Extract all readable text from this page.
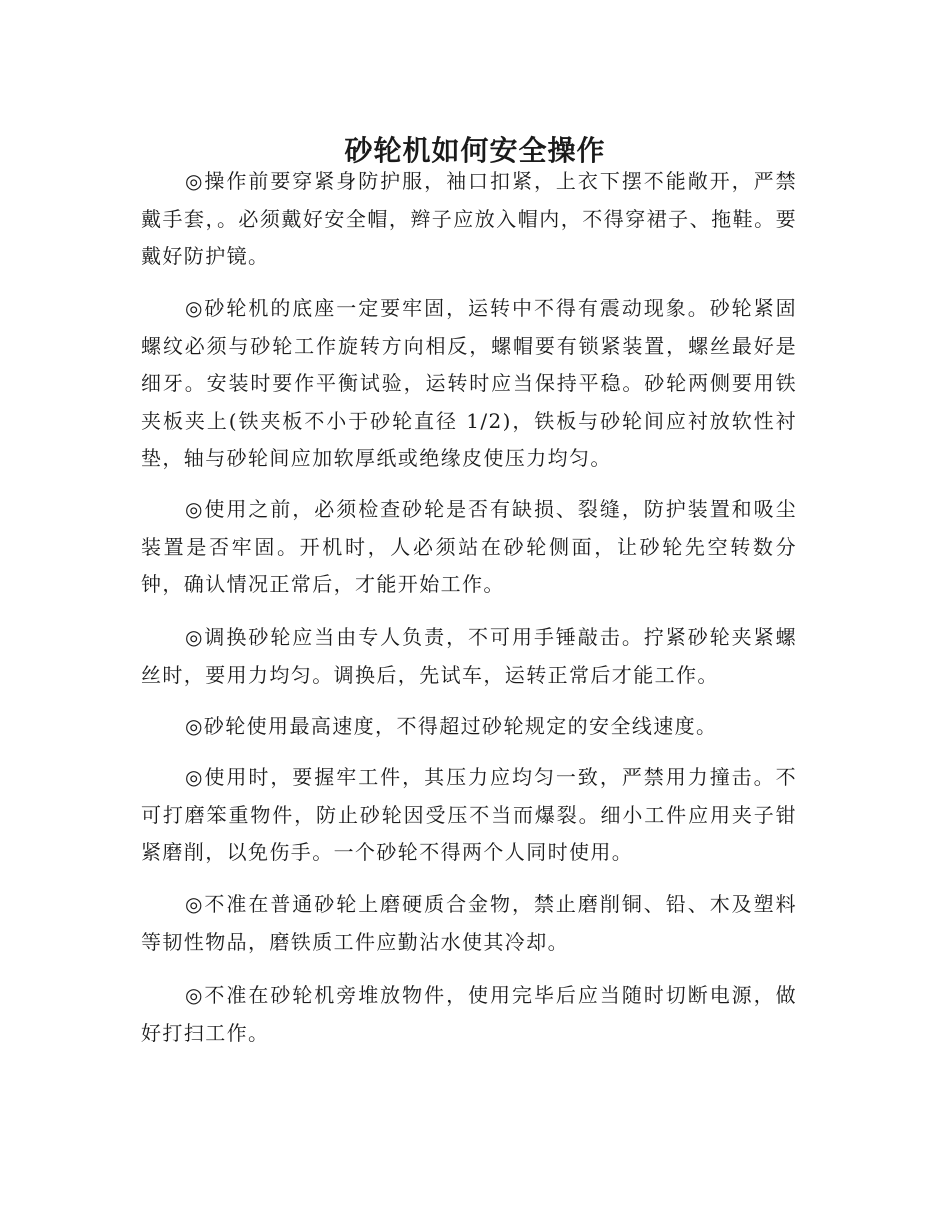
砂轮机如何安全操作

◎操作前要穿紧身防护服，袖口扣紧，上衣下摆不能敞开，严禁戴手套，。必须戴好安全帽，辫子应放入帽内，不得穿裙子、拖鞋。要戴好防护镜。

◎砂轮机的底座一定要牢固，运转中不得有震动现象。砂轮紧固螺纹必须与砂轮工作旋转方向相反，螺帽要有锁紧装置，螺丝最好是细牙。安装时要作平衡试验，运转时应当保持平稳。砂轮两侧要用铁夹板夹上(铁夹板不小于砂轮直径 1/2)，铁板与砂轮间应衬放软性衬垫，轴与砂轮间应加软厚纸或绝缘皮使压力均匀。

◎使用之前，必须检查砂轮是否有缺损、裂缝，防护装置和吸尘装置是否牢固。开机时，人必须站在砂轮侧面，让砂轮先空转数分钟，确认情况正常后，才能开始工作。

◎调换砂轮应当由专人负责，不可用手锤敲击。拧紧砂轮夹紧螺丝时，要用力均匀。调换后，先试车，运转正常后才能工作。

◎砂轮使用最高速度，不得超过砂轮规定的安全线速度。

◎使用时，要握牢工件，其压力应均匀一致，严禁用力撞击。不可打磨笨重物件，防止砂轮因受压不当而爆裂。细小工件应用夹子钳紧磨削，以免伤手。一个砂轮不得两个人同时使用。

◎不准在普通砂轮上磨硬质合金物，禁止磨削铜、铅、木及塑料等韧性物品，磨铁质工件应勤沾水使其冷却。

◎不准在砂轮机旁堆放物件，使用完毕后应当随时切断电源，做好打扫工作。
